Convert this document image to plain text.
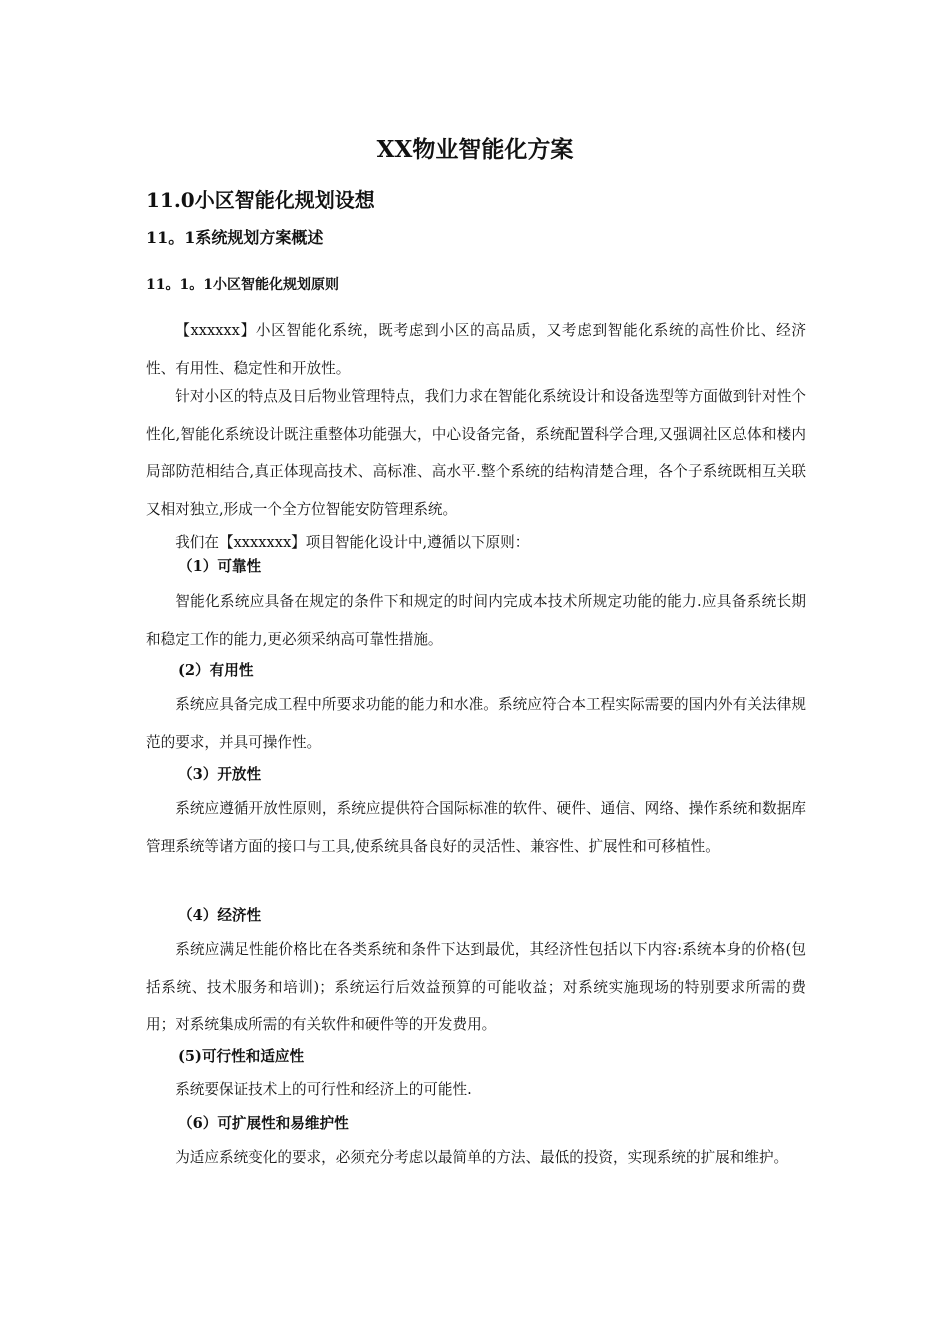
XX物业智能化方案
11.0小区智能化规划设想
11。1系统规划方案概述
11。1。1小区智能化规划原则

【xxxxxx】小区智能化系统，既考虑到小区的高品质，又考虑到智能化系统的高性价比、经济性、有用性、稳定性和开放性。

针对小区的特点及日后物业管理特点，我们力求在智能化系统设计和设备选型等方面做到针对性个性化,智能化系统设计既注重整体功能强大，中心设备完备，系统配置科学合理,又强调社区总体和楼内局部防范相结合,真正体现高技术、高标准、高水平.整个系统的结构清楚合理，各个子系统既相互关联又相对独立,形成一个全方位智能安防管理系统。

我们在【xxxxxxx】项目智能化设计中,遵循以下原则：
（1）可靠性

智能化系统应具备在规定的条件下和规定的时间内完成本技术所规定功能的能力.应具备系统长期和稳定工作的能力,更必须采纳高可靠性措施。

(2）有用性

系统应具备完成工程中所要求功能的能力和水准。系统应符合本工程实际需要的国内外有关法律规范的要求，并具可操作性。

（3）开放性

系统应遵循开放性原则，系统应提供符合国际标准的软件、硬件、通信、网络、操作系统和数据库管理系统等诸方面的接口与工具,使系统具备良好的灵活性、兼容性、扩展性和可移植性。

（4）经济性

系统应满足性能价格比在各类系统和条件下达到最优，其经济性包括以下内容:系统本身的价格(包括系统、技术服务和培训)；系统运行后效益预算的可能收益；对系统实施现场的特别要求所需的费用；对系统集成所需的有关软件和硬件等的开发费用。

(5)可行性和适应性
系统要保证技术上的可行性和经济上的可能性.
（6）可扩展性和易维护性

为适应系统变化的要求，必须充分考虑以最简单的方法、最低的投资，实现系统的扩展和维护。
